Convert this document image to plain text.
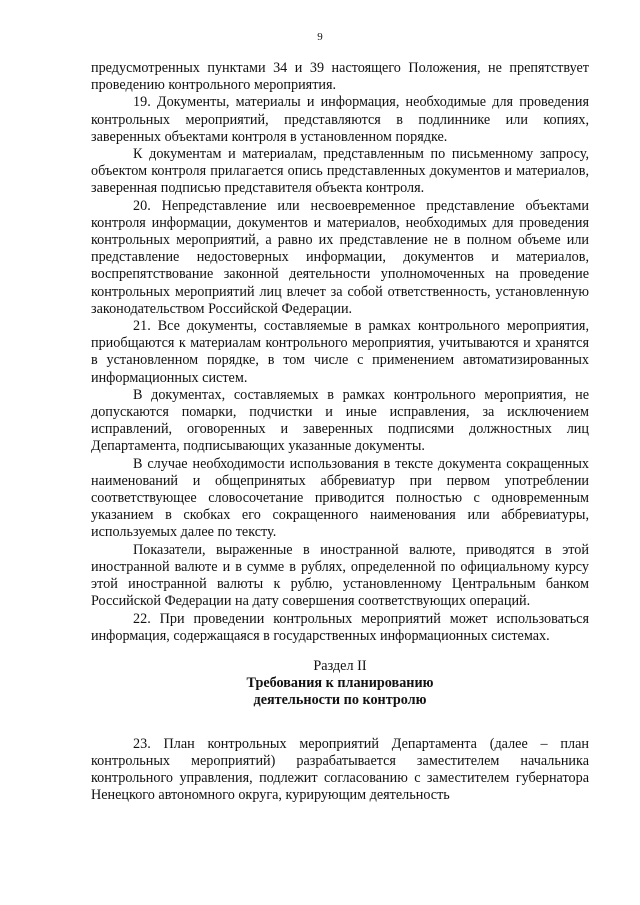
9

предусмотренных пунктами 34 и 39 настоящего Положения, не препятствует проведению контрольного мероприятия.

19. Документы, материалы и информация, необходимые для проведения контрольных мероприятий, представляются в подлиннике или копиях, заверенных объектами контроля в установленном порядке.

К документам и материалам, представленным по письменному запросу, объектом контроля прилагается опись представленных документов и материалов, заверенная подписью представителя объекта контроля.

20. Непредставление или несвоевременное представление объектами контроля информации, документов и материалов, необходимых для проведения контрольных мероприятий, а равно их представление не в полном объеме или представление недостоверных информации, документов и материалов, воспрепятствование законной деятельности уполномоченных на проведение контрольных мероприятий лиц влечет за собой ответственность, установленную законодательством Российской Федерации.

21. Все документы, составляемые в рамках контрольного мероприятия, приобщаются к материалам контрольного мероприятия, учитываются и хранятся в установленном порядке, в том числе с применением автоматизированных информационных систем.

В документах, составляемых в рамках контрольного мероприятия, не допускаются помарки, подчистки и иные исправления, за исключением исправлений, оговоренных и заверенных подписями должностных лиц Департамента, подписывающих указанные документы.

В случае необходимости использования в тексте документа сокращенных наименований и общепринятых аббревиатур при первом употреблении соответствующее словосочетание приводится полностью с одновременным указанием в скобках его сокращенного наименования или аббревиатуры, используемых далее по тексту.

Показатели, выраженные в иностранной валюте, приводятся в этой иностранной валюте и в сумме в рублях, определенной по официальному курсу этой иностранной валюты к рублю, установленному Центральным банком Российской Федерации на дату совершения соответствующих операций.

22. При проведении контрольных мероприятий может использоваться информация, содержащаяся в государственных информационных системах.

Раздел II
Требования к планированию
деятельности по контролю

23. План контрольных мероприятий Департамента (далее – план контрольных мероприятий) разрабатывается заместителем начальника контрольного управления, подлежит согласованию с заместителем губернатора Ненецкого автономного округа, курирующим деятельность
